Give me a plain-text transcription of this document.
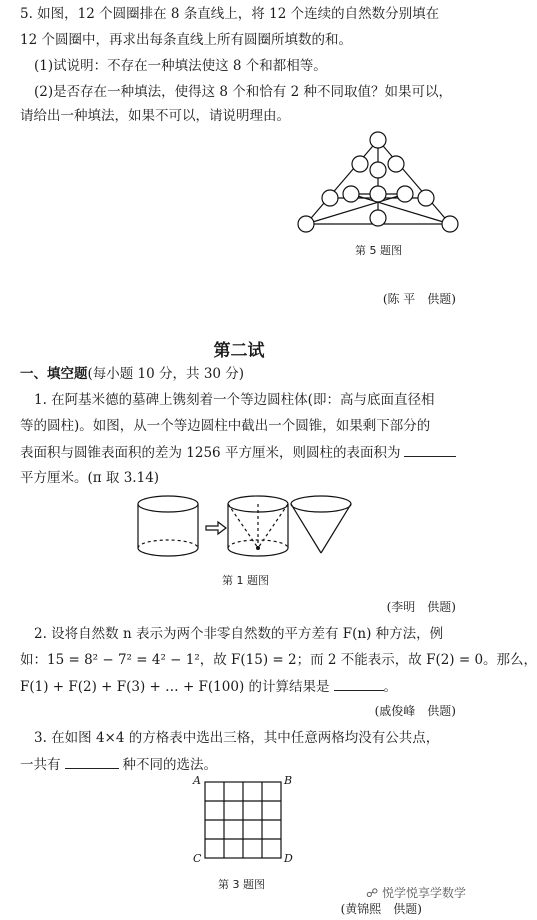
5. 如图，12 个圆圈排在 8 条直线上，将 12 个连续的自然数分别填在
12 个圆圈中，再求出每条直线上所有圆圈所填数的和。
(1)试说明：不存在一种填法使这 8 个和都相等。
(2)是否存在一种填法，使得这 8 个和恰有 2 种不同取值？如果可以，
请给出一种填法，如果不可以，请说明理由。
第 5 题图
(陈 平　供题)
第二试
一、填空题(每小题 10 分，共 30 分)
1. 在阿基米德的墓碑上镌刻着一个等边圆柱体(即：高与底面直径相
等的圆柱)。如图，从一个等边圆柱中截出一个圆锥，如果剩下部分的
表面积与圆锥表面积的差为 1256 平方厘米，则圆柱的表面积为
平方厘米。(π 取 3.14)
第 1 题图
(李明　供题)
2. 设将自然数 n 表示为两个非零自然数的平方差有 F(n) 种方法，例
如：15 = 8² − 7² = 4² − 1²，故 F(15) = 2；而 2 不能表示，故 F(2) = 0。那么，
F(1) + F(2) + F(3) + … + F(100) 的计算结果是	。
(戚俊峰　供题)
3. 在如图 4×4 的方格表中选出三格，其中任意两格均没有公共点，
一共有	种不同的选法。
A	B
C	D
第 3 题图
(黄锦熙　供题)
☍ 悦学悦享学数学
